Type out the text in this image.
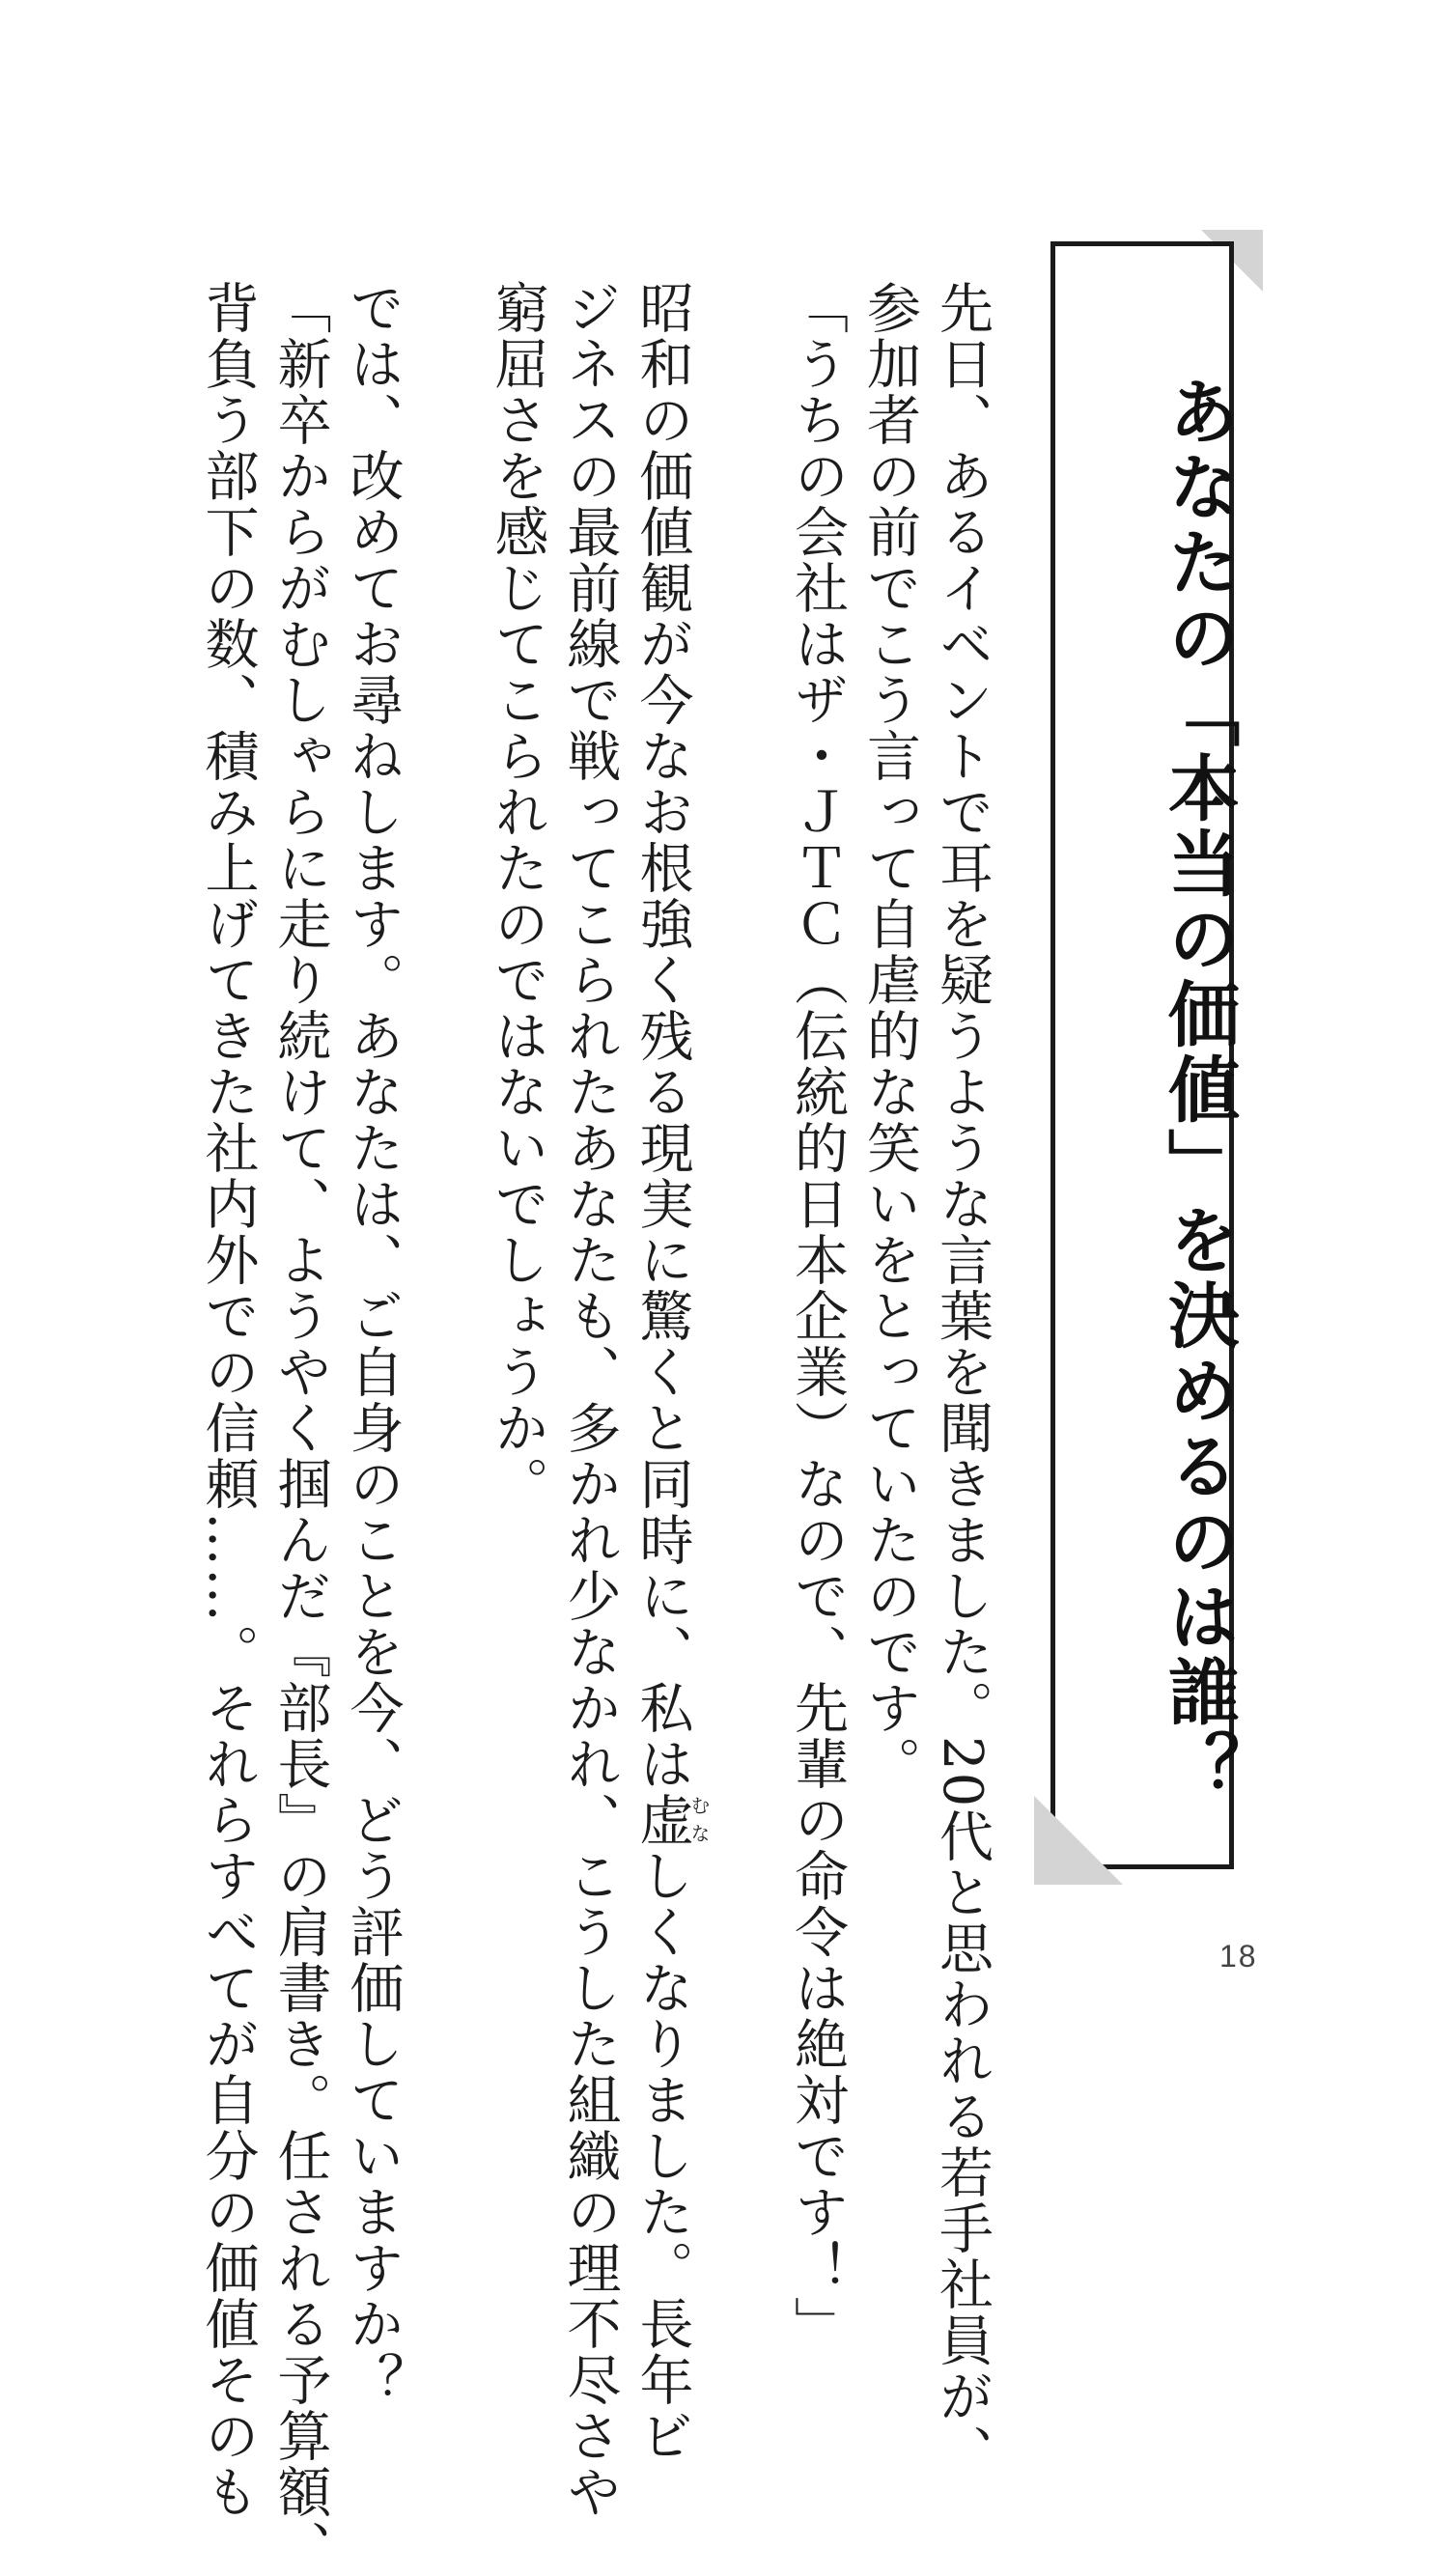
あなたの「本当の価値」を決めるのは誰？
先日、あるイベントで耳を疑うような言葉を聞きました。20代と思われる若手社員が、
参加者の前でこう言って自虐的な笑いをとっていたのです。
「うちの会社はザ・ＪＴＣ（伝統的日本企業）なので、先輩の命令は絶対です！」
昭和の価値観が今なお根強く残る現実に驚くと同時に、私は虚むなしくなりました。長年ビ
ジネスの最前線で戦ってこられたあなたも、多かれ少なかれ、こうした組織の理不尽さや
窮屈さを感じてこられたのではないでしょうか。
では、改めてお尋ねします。あなたは、ご自身のことを今、どう評価していますか？
「新卒からがむしゃらに走り続けて、ようやく掴んだ『部長』の肩書き。任される予算額、
背負う部下の数、積み上げてきた社内外での信頼……。それらすべてが自分の価値そのも	18
